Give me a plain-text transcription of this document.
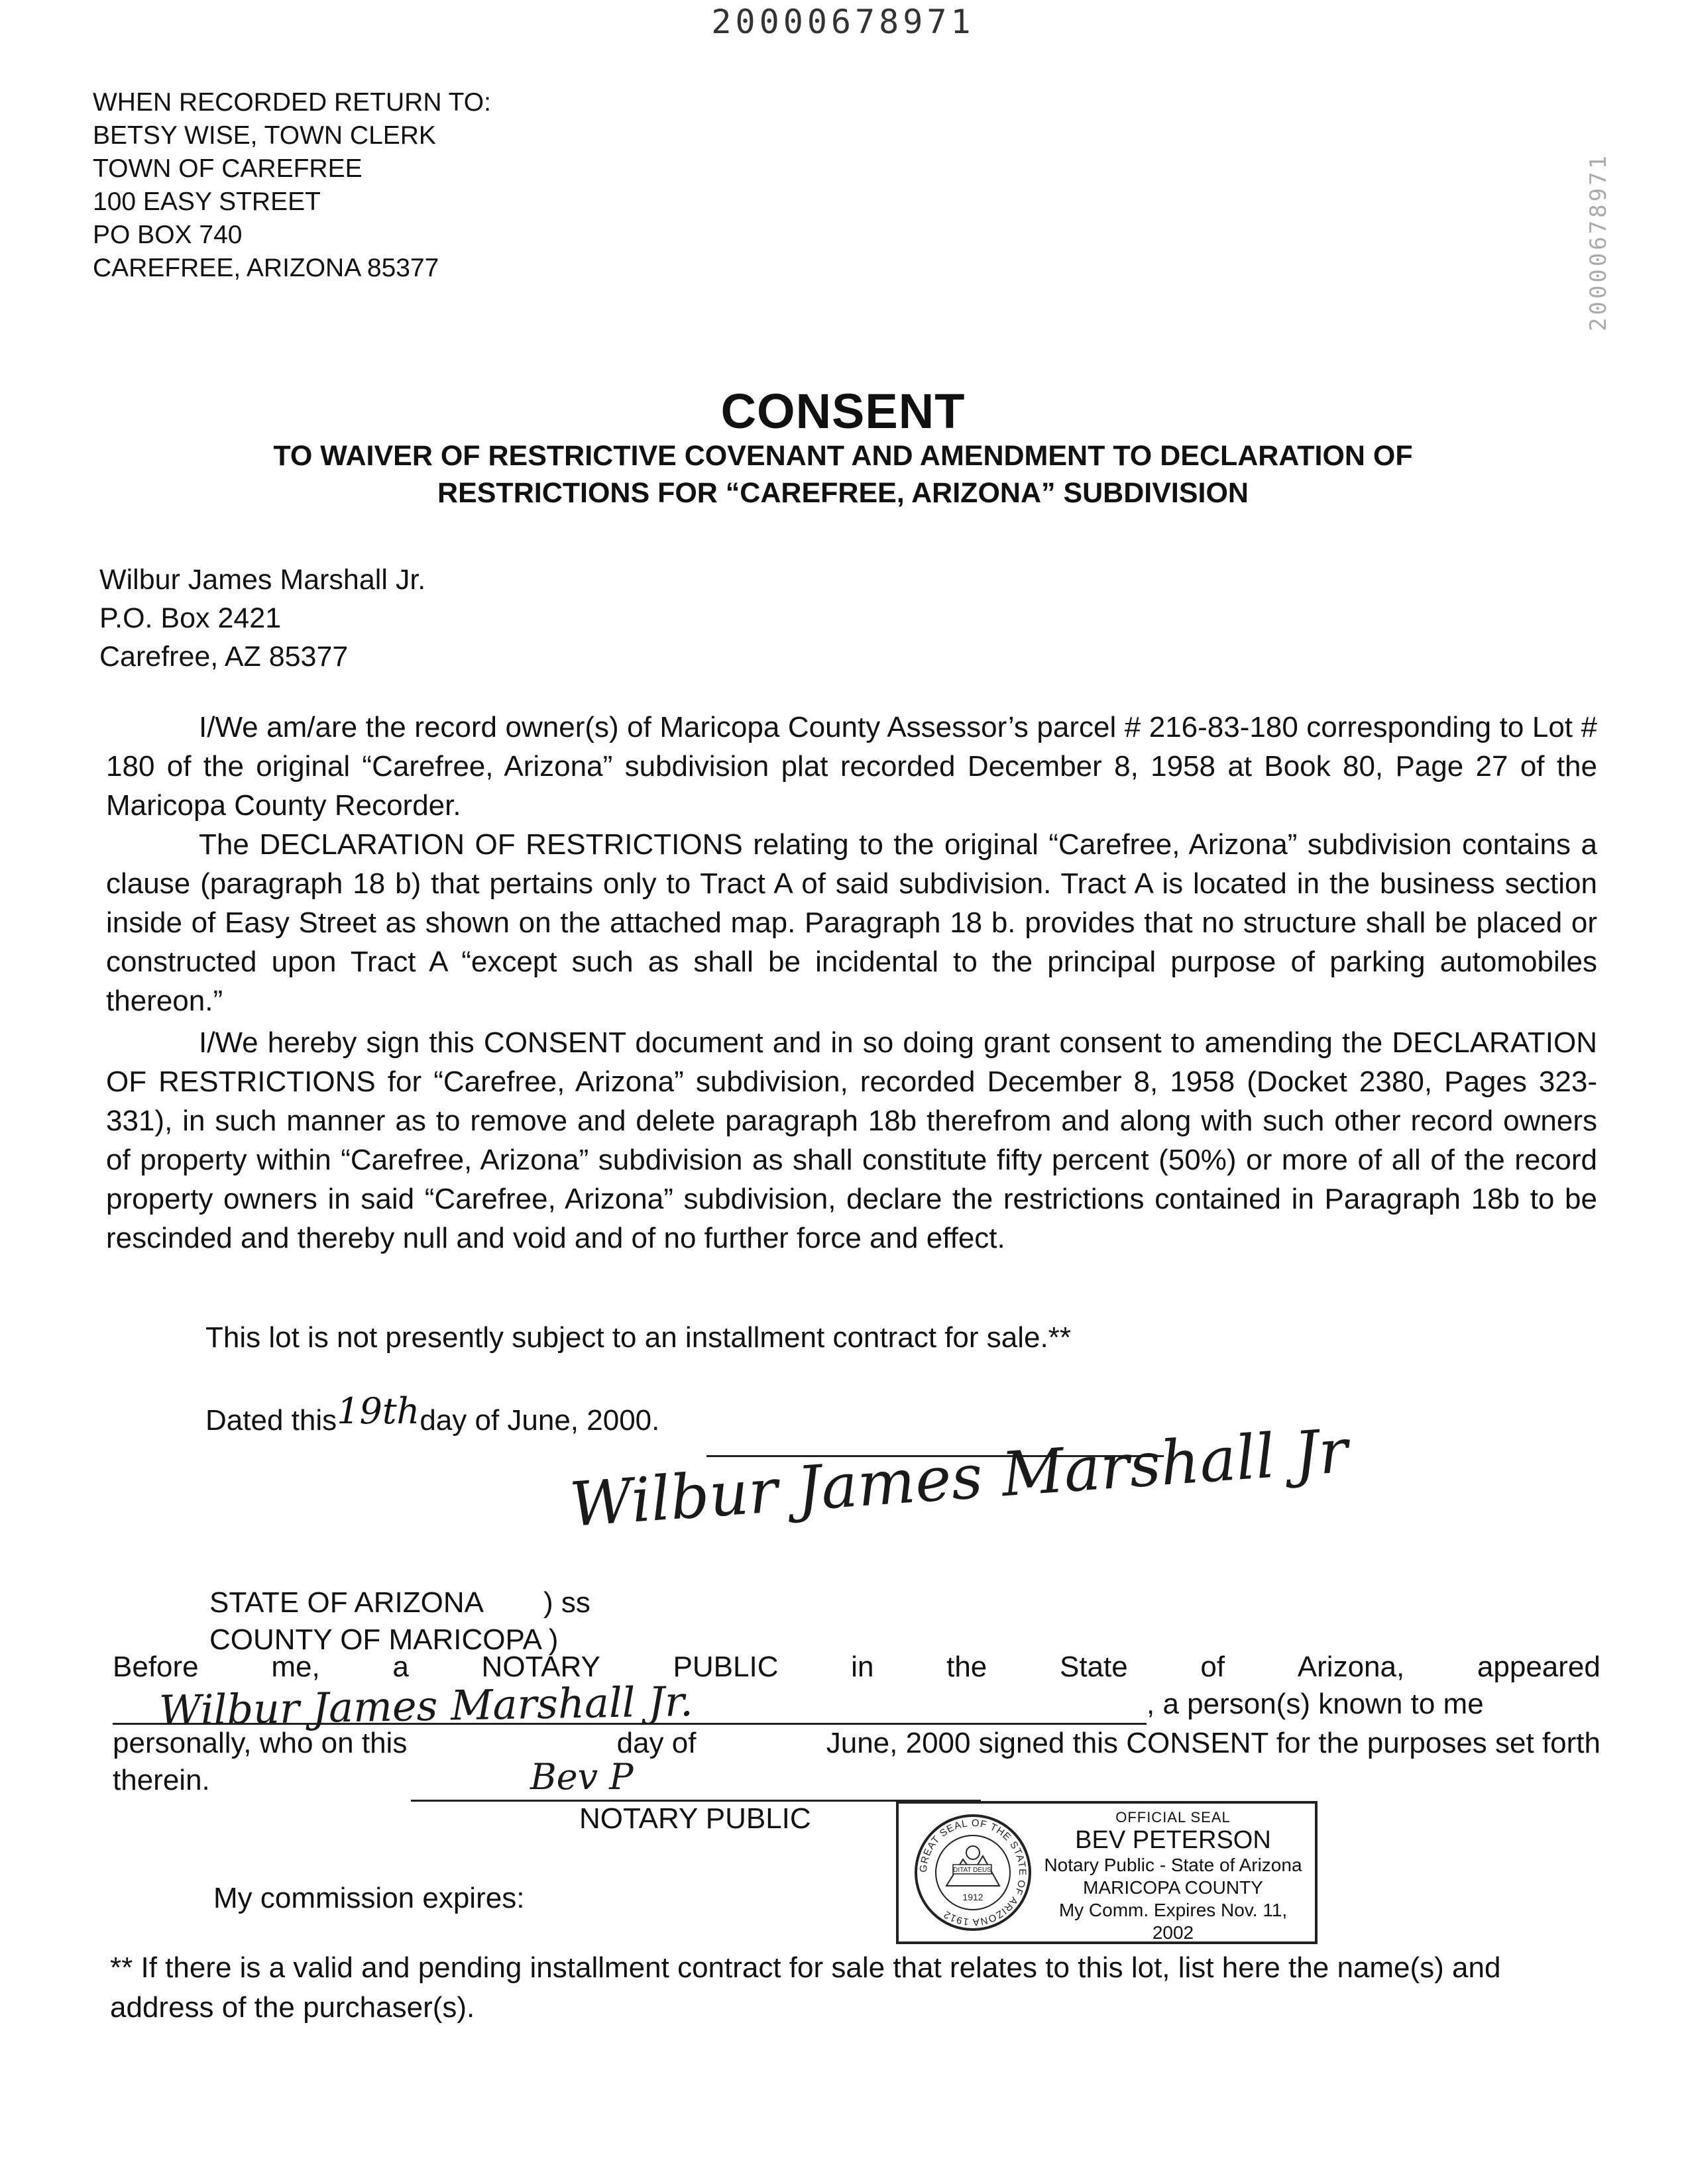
20000678971
20000678971
WHEN RECORDED RETURN TO:
BETSY WISE, TOWN CLERK
TOWN OF CAREFREE
100 EASY STREET
PO BOX 740
CAREFREE, ARIZONA 85377
CONSENT
TO WAIVER OF RESTRICTIVE COVENANT AND AMENDMENT TO DECLARATION OF
RESTRICTIONS FOR “CAREFREE, ARIZONA” SUBDIVISION
Wilbur James Marshall Jr.
P.O. Box 2421
Carefree, AZ 85377

I/We am/are the record owner(s) of Maricopa County Assessor’s parcel # 216-83-180 corresponding to Lot # 180 of the original “Carefree, Arizona” subdivision plat recorded December 8, 1958 at Book 80, Page 27 of the Maricopa County Recorder.

The DECLARATION OF RESTRICTIONS relating to the original “Carefree, Arizona” subdivision contains a clause (paragraph 18 b) that pertains only to Tract A of said subdivision. Tract A is located in the business section inside of Easy Street as shown on the attached map. Paragraph 18 b. provides that no structure shall be placed or constructed upon Tract A “except such as shall be incidental to the principal purpose of parking automobiles thereon.”

I/We hereby sign this CONSENT document and in so doing grant consent to amending the DECLARATION OF RESTRICTIONS for “Carefree, Arizona” subdivision, recorded December 8, 1958 (Docket 2380, Pages 323-331), in such manner as to remove and delete paragraph 18b therefrom and along with such other record owners of property within “Carefree, Arizona” subdivision as shall constitute fifty percent (50%) or more of all of the record property owners in said “Carefree, Arizona” subdivision, declare the restrictions contained in Paragraph 18b to be rescinded and thereby null and void and of no further force and effect.

This lot is not presently subject to an installment contract for sale.**
Dated this19thday of June, 2000.
Wilbur James Marshall Jr
STATE OF ARIZONA ) ss
COUNTY OF MARICOPA )
Before me, a NOTARY PUBLIC in the State of Arizona, appeared

, a person(s) known to me
personally, who on this	day of	June, 2000 signed this CONSENT for the purposes set forth
therein.
Wilbur James Marshall Jr.
Bev P
NOTARY PUBLIC
My commission expires:
GREAT SEAL OF THE STATE OF ARIZONA 1912
DITAT DEUS
1912
OFFICIAL SEAL
BEV PETERSON
Notary Public - State of Arizona
MARICOPA COUNTY
My Comm. Expires Nov. 11, 2002
** If there is a valid and pending installment contract for sale that relates to this lot, list here the name(s) and address of the purchaser(s).
